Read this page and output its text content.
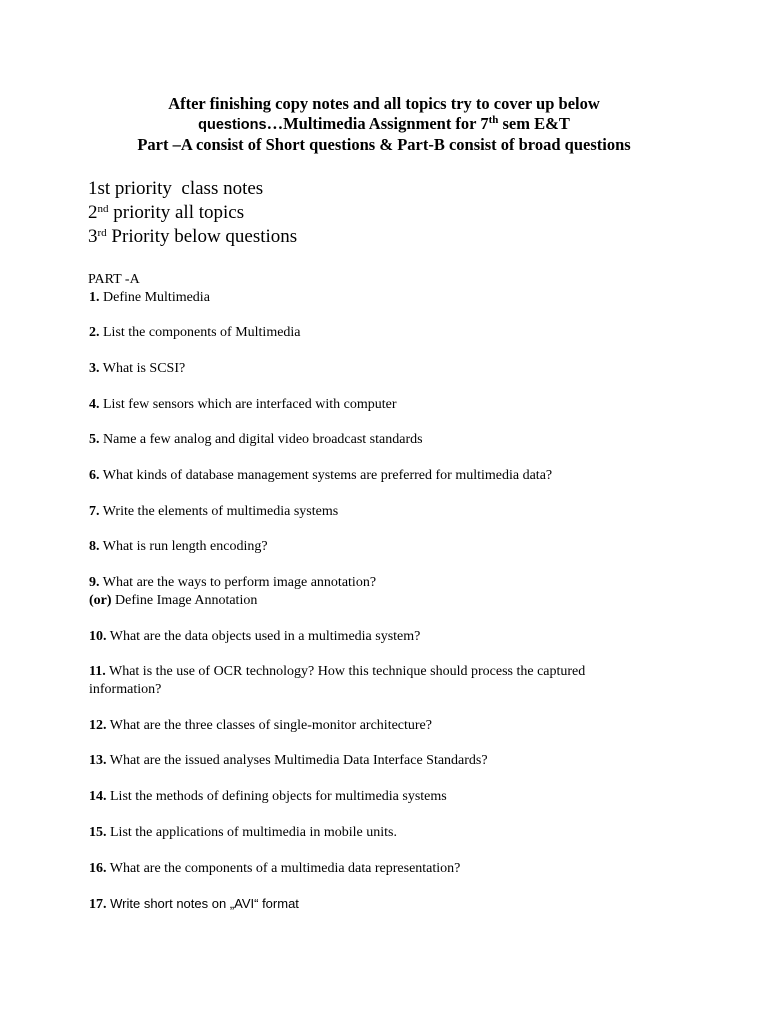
After finishing copy notes and all topics try to cover up below
questions…Multimedia Assignment for 7th sem E&T
Part –A consist of Short questions & Part-B consist of broad questions
1st priority  class notes
2nd priority all topics
3rd Priority below questions
PART -A
1. Define Multimedia
2. List the components of Multimedia
3. What is SCSI?
4. List few sensors which are interfaced with computer
5. Name a few analog and digital video broadcast standards
6. What kinds of database management systems are preferred for multimedia data?
7. Write the elements of multimedia systems
8. What is run length encoding?
9. What are the ways to perform image annotation?
(or) Define Image Annotation
10. What are the data objects used in a multimedia system?
11. What is the use of OCR technology? How this technique should process the captured information?
12. What are the three classes of single-monitor architecture?
13. What are the issued analyses Multimedia Data Interface Standards?
14. List the methods of defining objects for multimedia systems
15. List the applications of multimedia in mobile units.
16. What are the components of a multimedia data representation?
17. Write short notes on „AVI“ format
